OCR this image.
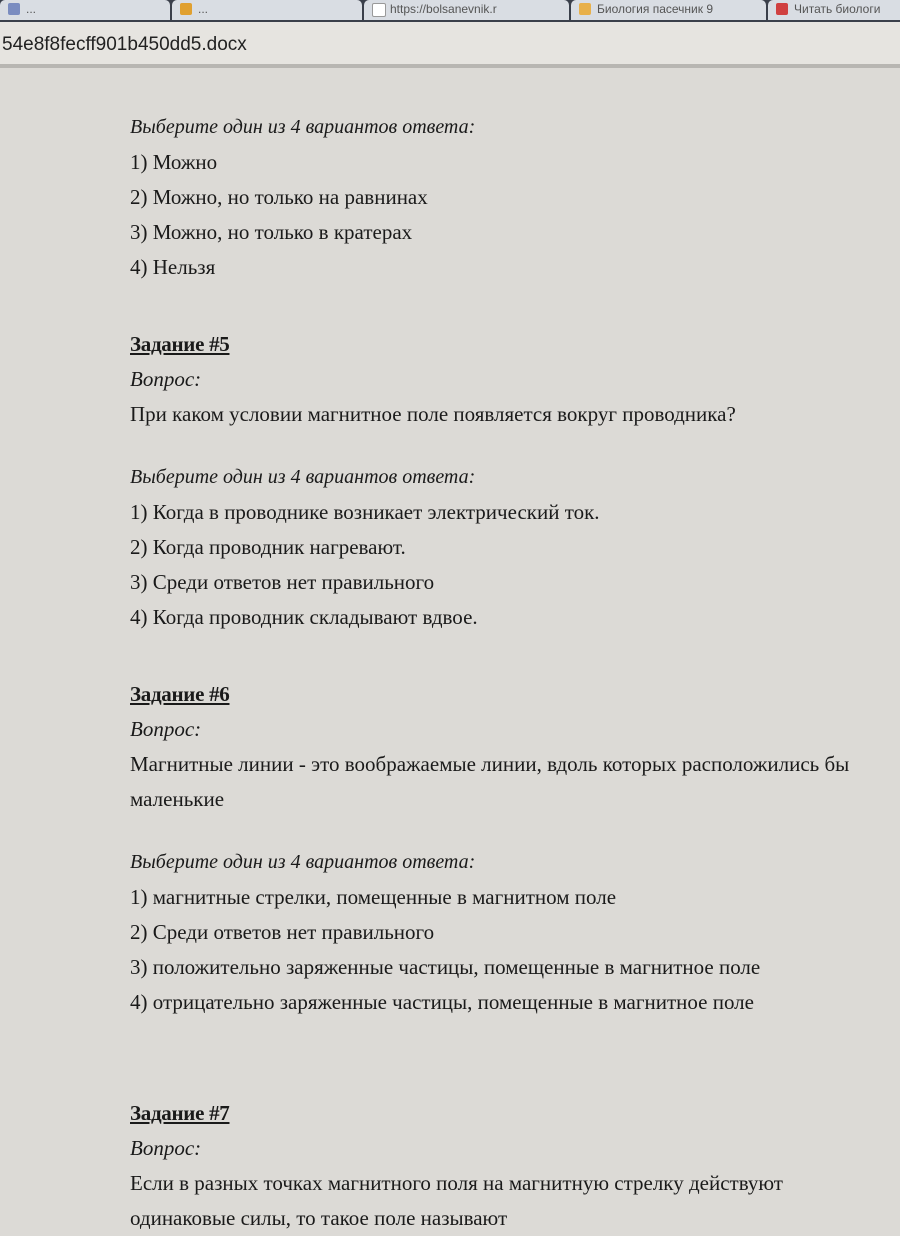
...	...	https://bolsanevnik.r	Биология пасечник 9	Читать биологи
54e8f8fecff901b450dd5.docx
Выберите один из 4 вариантов ответа:
1) Можно
2) Можно, но только на равнинах
3) Можно, но только в кратерах
4) Нельзя
Задание #5
Вопрос:
При каком условии магнитное поле появляется вокруг проводника?
Выберите один из 4 вариантов ответа:
1) Когда в проводнике возникает электрический ток.
2) Когда проводник нагревают.
3) Среди ответов нет правильного
4) Когда проводник складывают вдвое.
Задание #6
Вопрос:
Магнитные линии - это воображаемые линии, вдоль которых расположились бы
маленькие
Выберите один из 4 вариантов ответа:
1) магнитные стрелки, помещенные в магнитном поле
2) Среди ответов нет правильного
3) положительно заряженные частицы, помещенные в магнитное поле
4) отрицательно заряженные частицы, помещенные в магнитное поле
Задание #7
Вопрос:
Если в разных точках магнитного поля на магнитную стрелку действуют
одинаковые силы, то такое поле называют
